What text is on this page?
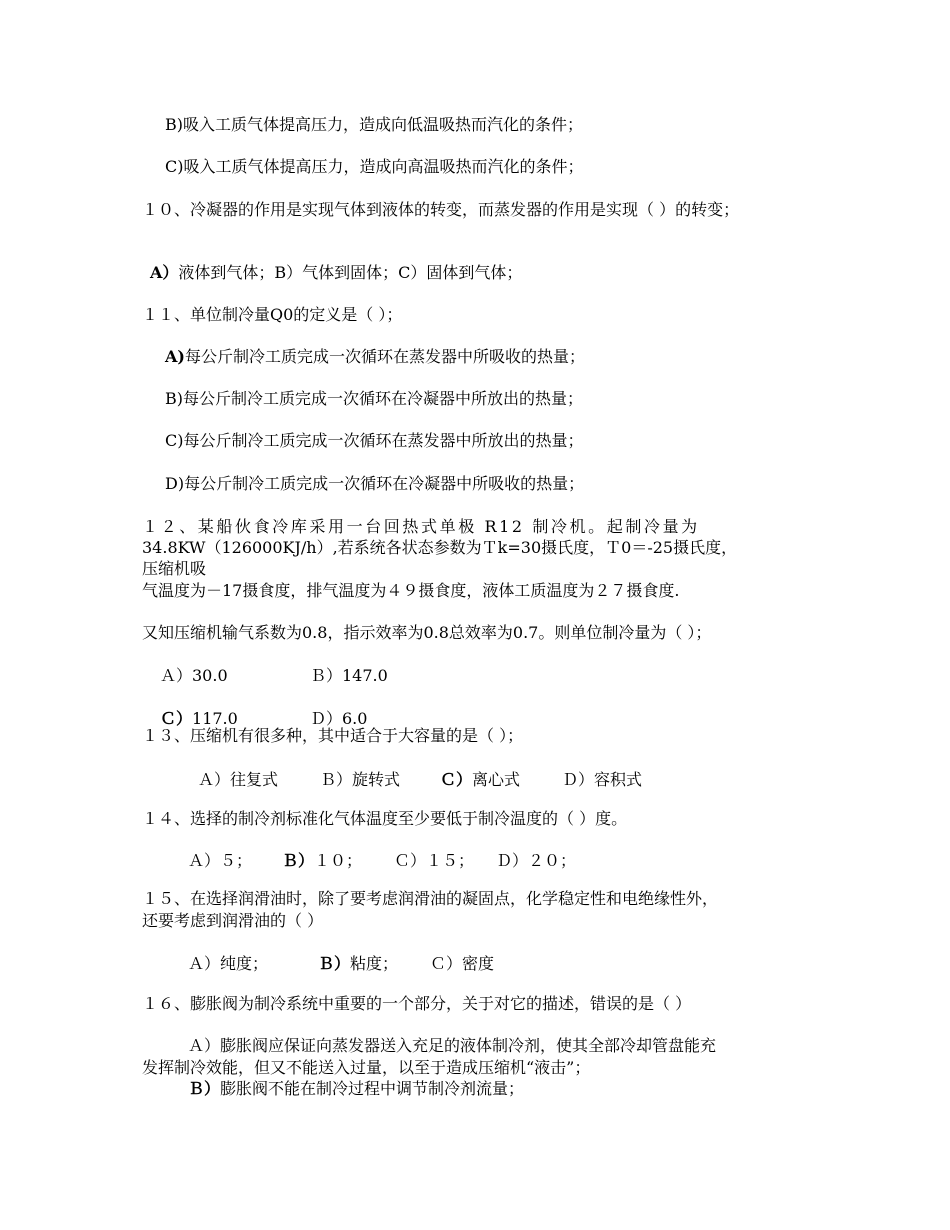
B)吸入工质气体提高压力，造成向低温吸热而汽化的条件；
C)吸入工质气体提高压力，造成向高温吸热而汽化的条件；
１０、冷凝器的作用是实现气体到液体的转变，而蒸发器的作用是实现（ ）的转变；
A）液体到气体；B）气体到固体；C）固体到气体；
１１、单位制冷量Q0的定义是（ ）；
A)每公斤制冷工质完成一次循环在蒸发器中所吸收的热量；
B)每公斤制冷工质完成一次循环在冷凝器中所放出的热量；
C)每公斤制冷工质完成一次循环在蒸发器中所放出的热量；
D)每公斤制冷工质完成一次循环在冷凝器中所吸收的热量；
１２、某船伙食冷库采用一台回热式单极 R12 制冷机。起制冷量为
34.8KW（126000KJ/h）,若系统各状态参数为Ｔk=30摄氏度，Ｔ0＝-25摄氏度，
压缩机吸
气温度为－17摄食度，排气温度为４９摄食度，液体工质温度为２７摄食度.
又知压缩机输气系数为0.8，指示效率为0.8总效率为0.7。则单位制冷量为（ ）；
Ａ）30.0	Ｂ）147.0
Ｃ）117.0	Ｄ）6.0
１３、压缩机有很多种，其中适合于大容量的是（ ）；
Ａ）往复式	Ｂ）旋转式 Ｃ）离心式	Ｄ）容积式
１４、选择的制冷剂标准化气体温度至少要低于制冷温度的（ ）度。
Ａ）５； Ｂ）１０； Ｃ）１５； Ｄ）２０；
１５、在选择润滑油时，除了要考虑润滑油的凝固点，化学稳定性和电绝缘性外，
还要考虑到润滑油的（ ）
Ａ）纯度；	Ｂ）粘度； Ｃ）密度
１６、膨胀阀为制冷系统中重要的一个部分，关于对它的描述，错误的是（ ）
Ａ）膨胀阀应保证向蒸发器送入充足的液体制冷剂，使其全部冷却管盘能充
发挥制冷效能，但又不能送入过量，以至于造成压缩机“液击”；
Ｂ）膨胀阀不能在制冷过程中调节制冷剂流量；
